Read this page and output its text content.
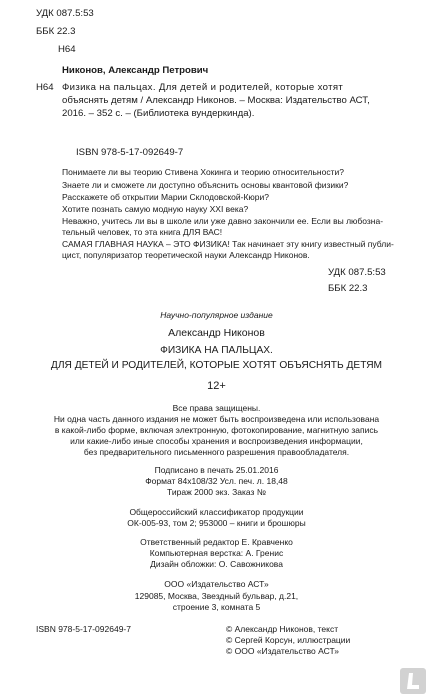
УДК 087.5:53
ББК 22.3
Н64
Никонов, Александр Петрович
Н64 Физика на пальцах. Для детей и родителей, которые хотят
объяснять детям / Александр Никонов. – Москва: Издательство АСТ,
2016. – 352 с. – (Библиотека вундеркинда).
ISBN 978-5-17-092649-7
Понимаете ли вы теорию Стивена Хокинга и теорию относительности?
Знаете ли и сможете ли доступно объяснить основы квантовой физики?
Расскажете об открытии Марии Склодовской-Кюри?
Хотите познать самую модную науку XXI века?
Неважно, учитесь ли вы в школе или уже давно закончили ее. Если вы любозна-
тельный человек, то эта книга ДЛЯ ВАС!
САМАЯ ГЛАВНАЯ НАУКА – ЭТО ФИЗИКА! Так начинает эту книгу известный публи-
цист, популяризатор теоретической науки Александр Никонов.
УДК 087.5:53
ББК 22.3
Научно-популярное издание
Александр Никонов
ФИЗИКА НА ПАЛЬЦАХ.
ДЛЯ ДЕТЕЙ И РОДИТЕЛЕЙ, КОТОРЫЕ ХОТЯТ ОБЪЯСНЯТЬ ДЕТЯМ
12+
Все права защищены.
Ни одна часть данного издания не может быть воспроизведена или использована
в какой-либо форме, включая электронную, фотокопирование, магнитную запись
или какие-либо иные способы хранения и воспроизведения информации,
без предварительного письменного разрешения правообладателя.
Подписано в печать 25.01.2016
Формат 84x108/32 Усл. печ. л. 18,48
Тираж 2000 экз. Заказ №
Общероссийский классификатор продукции
ОК-005-93, том 2; 953000 – книги и брошюры
Ответственный редактор Е. Кравченко
Компьютерная верстка: А. Гренис
Дизайн обложки: О. Савожникова
ООО «Издательство АСТ»
129085, Москва, Звездный бульвар, д.21,
строение 3, комната 5
ISBN 978-5-17-092649-7	© Александр Никонов, текст
© Сергей Корсун, иллюстрации
© ООО «Издательство АСТ»
